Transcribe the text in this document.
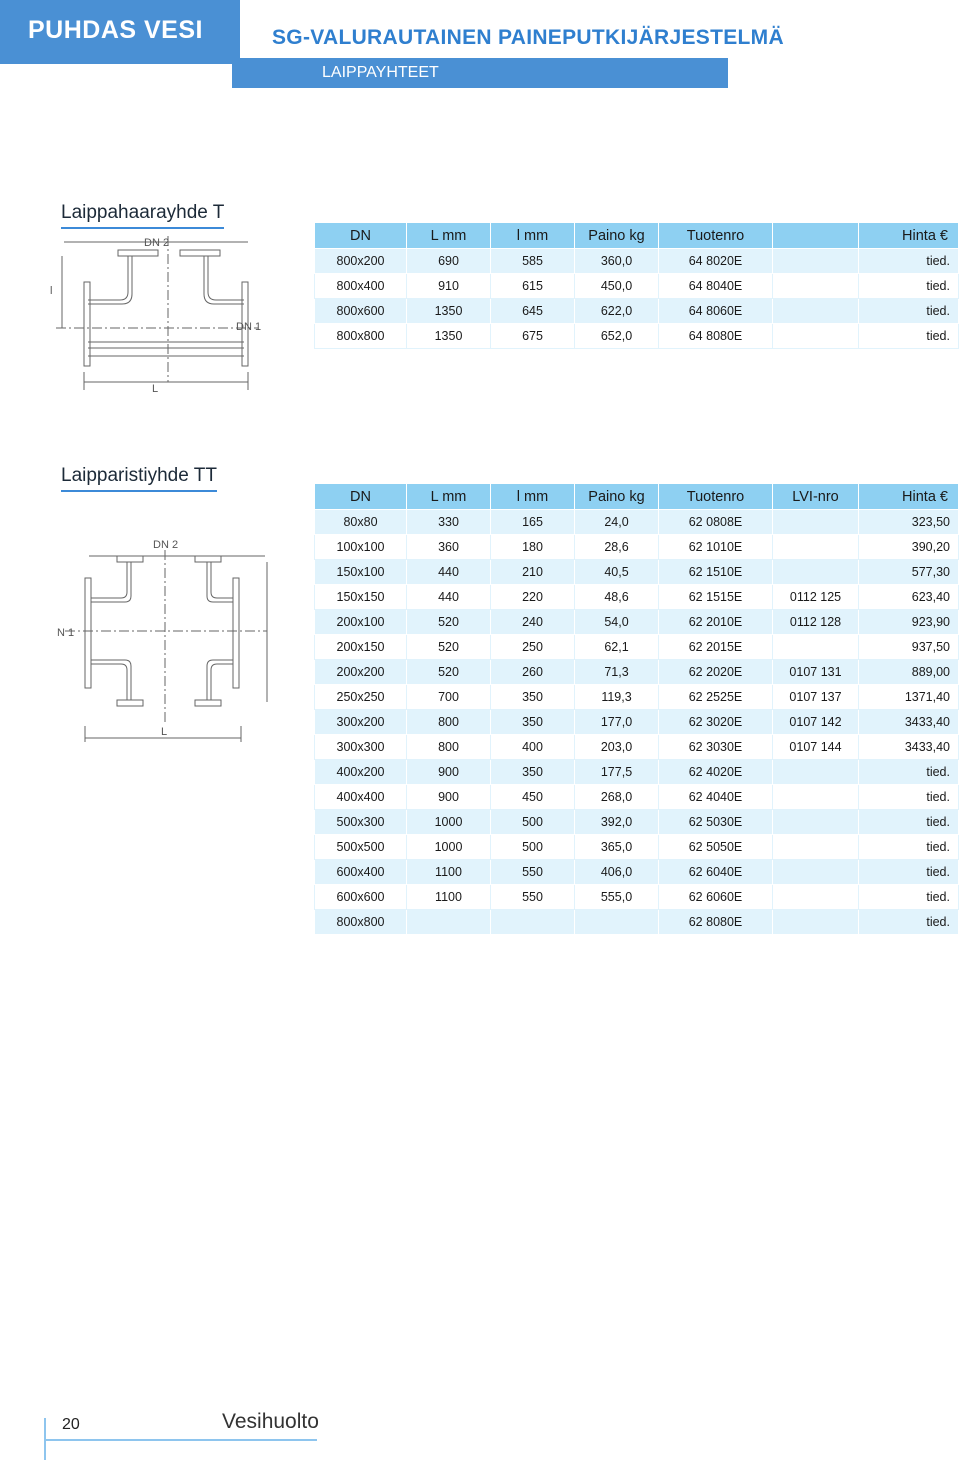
PUHDAS VESI	SG-VALURAUTAINEN PAINEPUTKIJÄRJESTELMÄ
LAIPPAYHTEET
Laippahaarayhde T
DN 2
DN 1
L
l
DN	L mm	l mm	Paino kg	Tuotenro		Hinta €
800x200	690	585	360,0	64 8020E		tied.
800x400	910	615	450,0	64 8040E		tied.
800x600	1350	645	622,0	64 8060E		tied.
800x800	1350	675	652,0	64 8080E		tied.
Laipparistiyhde TT
DN 2
N 1
L
DN	L mm	l mm	Paino kg	Tuotenro	LVI-nro	Hinta €
80x80	330	165	24,0	62 0808E		323,50
100x100	360	180	28,6	62 1010E		390,20
150x100	440	210	40,5	62 1510E		577,30
150x150	440	220	48,6	62 1515E	0112 125	623,40
200x100	520	240	54,0	62 2010E	0112 128	923,90
200x150	520	250	62,1	62 2015E		937,50
200x200	520	260	71,3	62 2020E	0107 131	889,00
250x250	700	350	119,3	62 2525E	0107 137	1371,40
300x200	800	350	177,0	62 3020E	0107 142	3433,40
300x300	800	400	203,0	62 3030E	0107 144	3433,40
400x200	900	350	177,5	62 4020E		tied.
400x400	900	450	268,0	62 4040E		tied.
500x300	1000	500	392,0	62 5030E		tied.
500x500	1000	500	365,0	62 5050E		tied.
600x400	1100	550	406,0	62 6040E		tied.
600x600	1100	550	555,0	62 6060E		tied.
800x800				62 8080E		tied.
20	Vesihuolto
